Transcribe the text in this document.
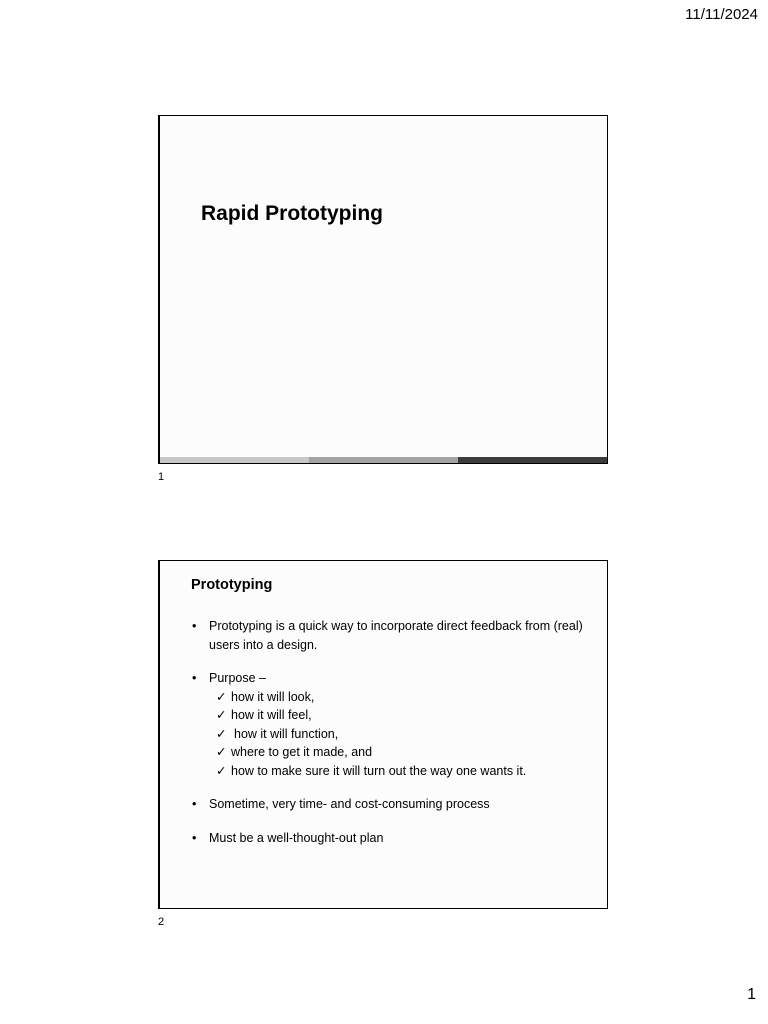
11/11/2024
Rapid Prototyping
1
Prototyping
• Prototyping is a quick way to incorporate direct feedback from (real) users into a design.
• Purpose –
✓ how it will look,
✓ how it will feel,
✓ how it will function,
✓ where to get it made, and
✓ how to make sure it will turn out the way one wants it.
• Sometime, very time- and cost-consuming process
• Must be a well-thought-out plan
2
1
